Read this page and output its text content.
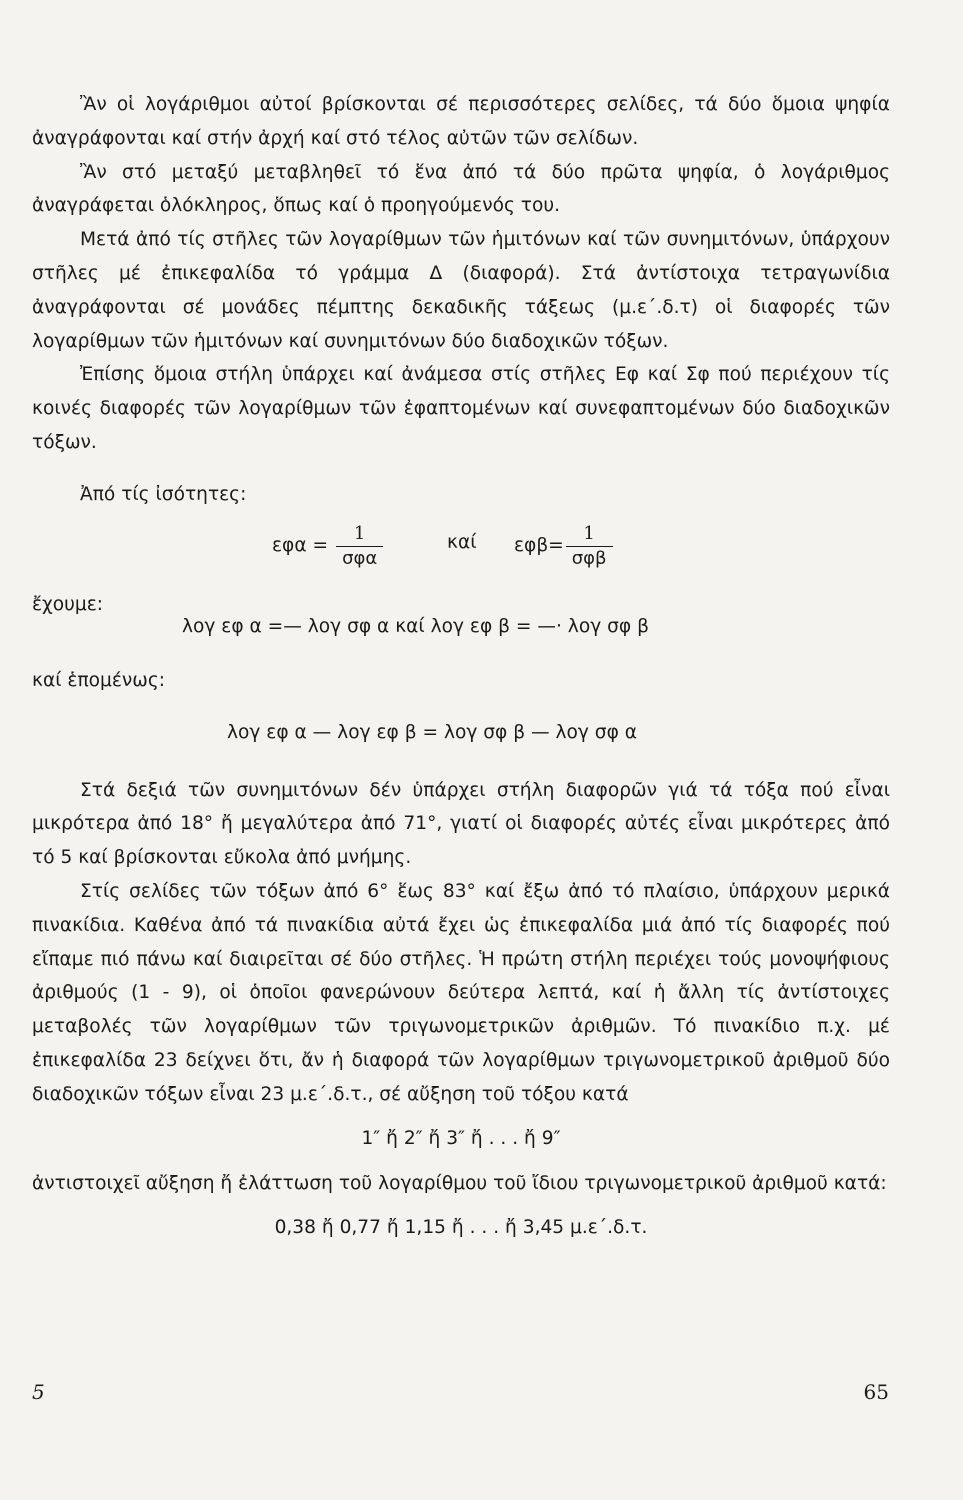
Ἂν οἱ λογάριθμοι αὐτοί βρίσκονται σέ περισσότερες σελίδες, τά δύο ὅμοια ψηφία ἀναγράφονται καί στήν ἀρχή καί στό τέλος αὐτῶν τῶν σελίδων.

Ἂν στό μεταξύ μεταβληθεῖ τό ἕνα ἀπό τά δύο πρῶτα ψηφία, ὁ λογάριθμος ἀναγράφεται ὁλόκληρος, ὅπως καί ὁ προηγούμενός του.

Μετά ἀπό τίς στῆλες τῶν λογαρίθμων τῶν ἡμιτόνων καί τῶν συνημιτόνων, ὑπάρχουν στῆλες μέ ἐπικεφαλίδα τό γράμμα Δ (διαφορά). Στά ἀντίστοιχα τετραγωνίδια ἀναγράφονται σέ μονάδες πέμπτης δεκαδικῆς τάξεως (μ.ε΄.δ.τ) οἱ διαφορές τῶν λογαρίθμων τῶν ἡμιτόνων καί συνημιτόνων δύο διαδοχικῶν τόξων.

Ἐπίσης ὅμοια στήλη ὑπάρχει καί ἀνάμεσα στίς στῆλες Εφ καί Σφ πού περιέχουν τίς κοινές διαφορές τῶν λογαρίθμων τῶν ἐφαπτομένων καί συνεφαπτομένων δύο διαδοχικῶν τόξων.

Ἀπό τίς ἰσότητες:

$\varepsilon\varphi\alpha = \frac{1}{\text{σφα}}$	καί $\varepsilon\varphi\beta= \frac{1}{\text{σφβ}}$
ἔχουμε:
λογ εφ α =— λογ σφ α καί λογ εφ β = —· λογ σφ β
καί ἑπομένως:
λογ εφ α — λογ εφ β = λογ σφ β — λογ σφ α

Στά δεξιά τῶν συνημιτόνων δέν ὑπάρχει στήλη διαφορῶν γιά τά τόξα πού εἶναι μικρότερα ἀπό 18° ἤ μεγαλύτερα ἀπό 71°, γιατί οἱ διαφορές αὐτές εἶναι μικρότερες ἀπό τό 5 καί βρίσκονται εὔκολα ἀπό μνήμης.

Στίς σελίδες τῶν τόξων ἀπό 6° ἕως 83° καί ἔξω ἀπό τό πλαίσιο, ὑπάρχουν μερικά πινακίδια. Καθένα ἀπό τά πινακίδια αὐτά ἔχει ὡς ἐπικεφαλίδα μιά ἀπό τίς διαφορές πού εἴπαμε πιό πάνω καί διαιρεῖται σέ δύο στῆλες. Ἡ πρώτη στήλη περιέχει τούς μονοψήφιους ἀριθμούς (1 - 9), οἱ ὁποῖοι φανερώνουν δεύτερα λεπτά, καί ἡ ἄλλη τίς ἀντίστοιχες μεταβολές τῶν λογαρίθμων τῶν τριγωνομετρικῶν ἀριθμῶν. Τό πινακίδιο π.χ. μέ ἐπικεφαλίδα 23 δείχνει ὅτι, ἄν ἡ διαφορά τῶν λογαρίθμων τριγωνομετρικοῦ ἀριθμοῦ δύο διαδοχικῶν τόξων εἶναι 23 μ.ε΄.δ.τ., σέ αὔξηση τοῦ τόξου κατά

1″ ἤ 2″ ἤ 3″ ἤ . . . ἤ 9″

ἀντιστοιχεῖ αὔξηση ἤ ἐλάττωση τοῦ λογαρίθμου τοῦ ἴδιου τριγωνομετρικοῦ ἀριθμοῦ κατά:

0,38 ἤ 0,77 ἤ 1,15 ἤ . . . ἤ 3,45 μ.ε΄.δ.τ.

5	65
